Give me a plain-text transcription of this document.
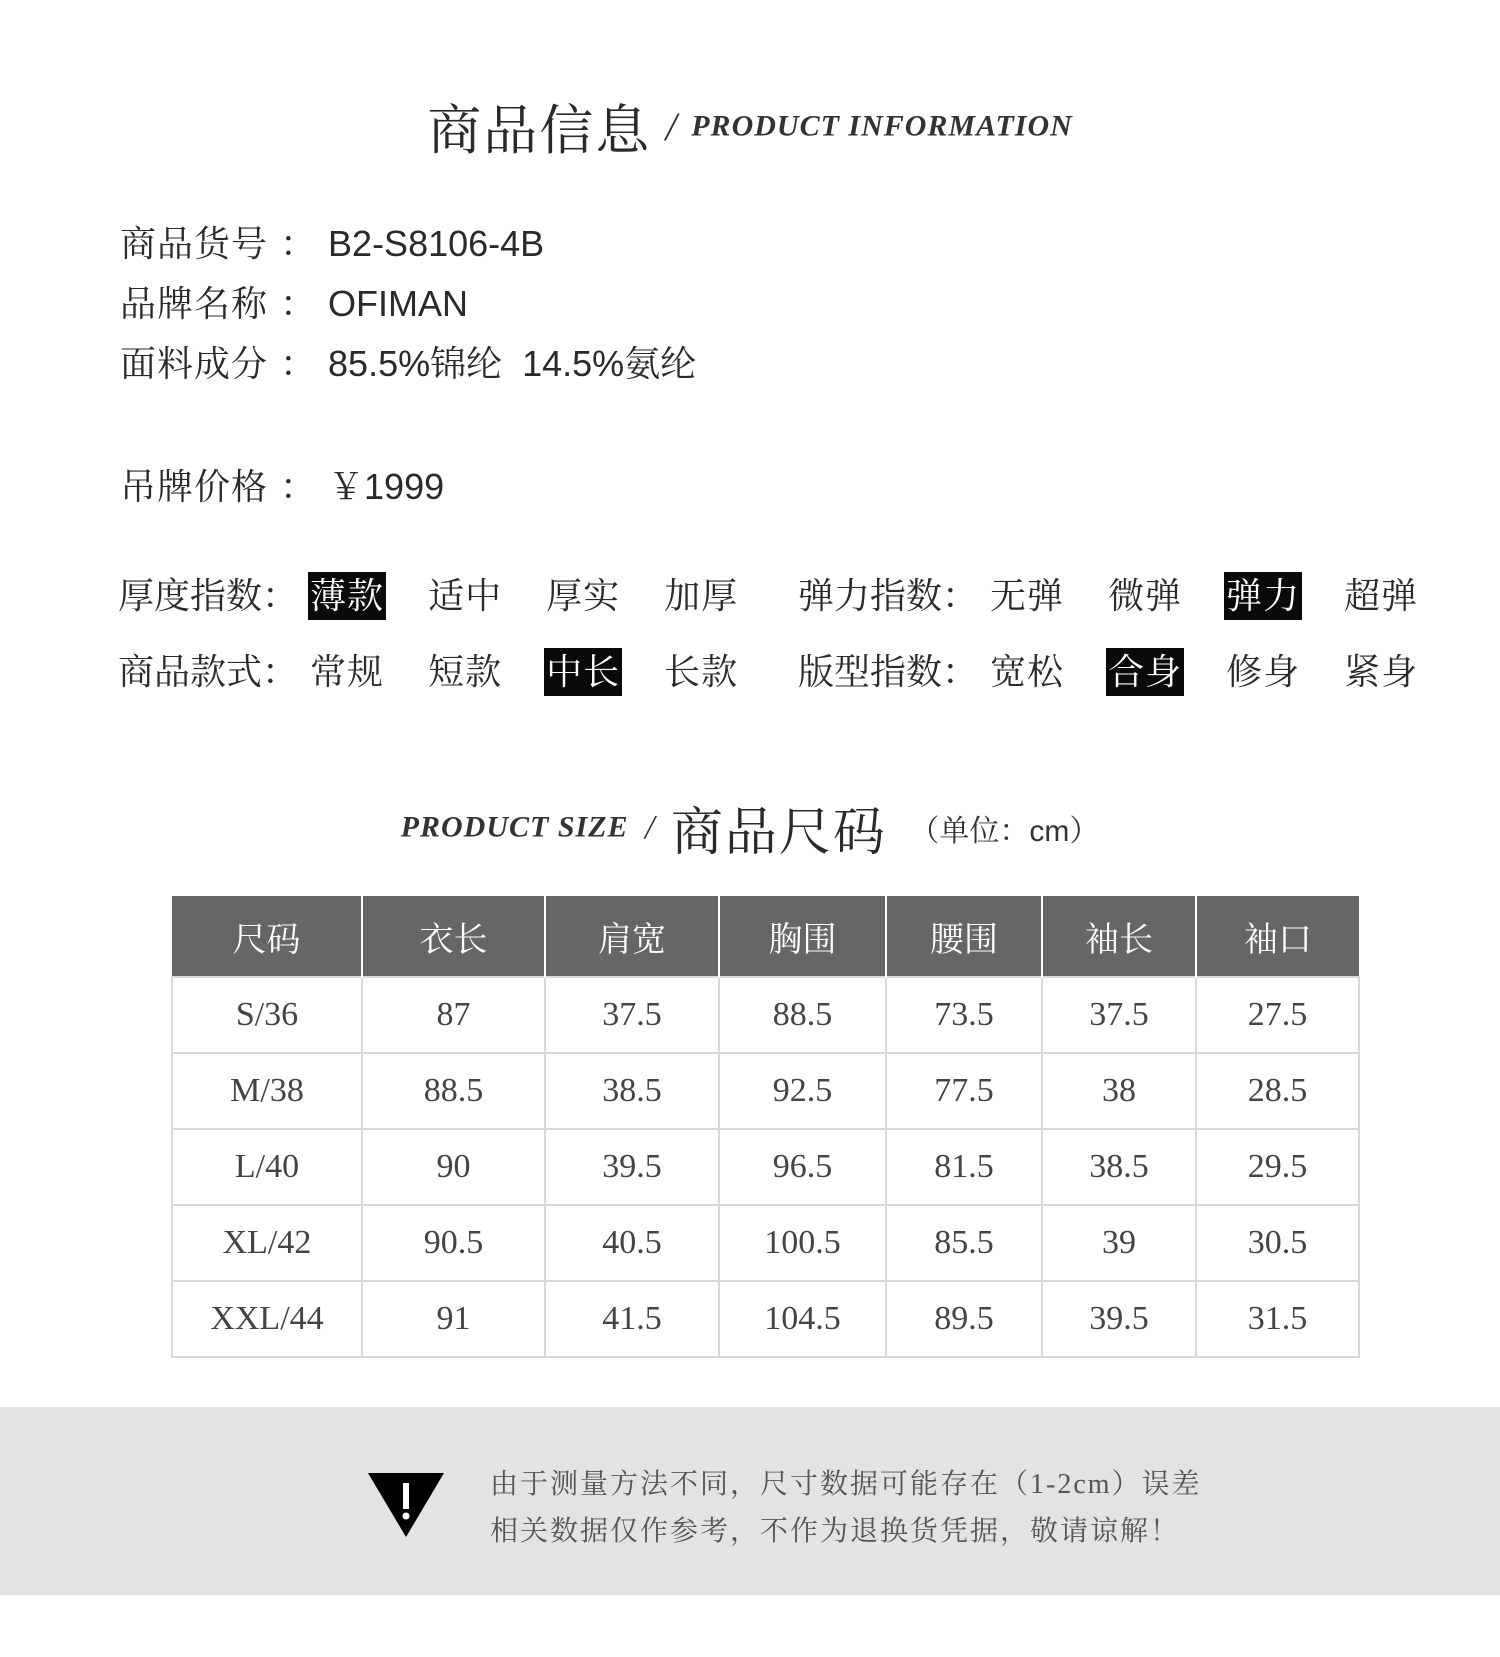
商品信息 / PRODUCT INFORMATION
商品货号 ： B2-S8106-4B
品牌名称 ： OFIMAN
面料成分 ： 85.5%锦纶  14.5%氨纶
吊牌价格 ： ￥1999
厚度指数： 薄款 适中 厚实 加厚 弹力指数： 无弹 微弹 弹力 超弹
商品款式： 常规 短款 中长 长款 版型指数： 宽松 合身 修身 紧身
PRODUCT SIZE / 商品尺码 （单位：cm）
尺码	衣长	肩宽	胸围	腰围	袖长	袖口
S/36	87	37.5	88.5	73.5	37.5	27.5
M/38	88.5	38.5	92.5	77.5	38	28.5
L/40	90	39.5	96.5	81.5	38.5	29.5
XL/42	90.5	40.5	100.5	85.5	39	30.5
XXL/44	91	41.5	104.5	89.5	39.5	31.5
由于测量方法不同，尺寸数据可能存在（1-2cm）误差
相关数据仅作参考，不作为退换货凭据，敬请谅解！
